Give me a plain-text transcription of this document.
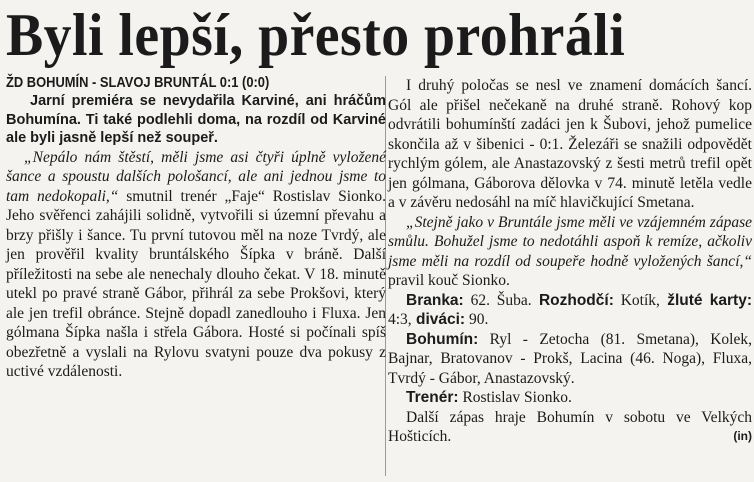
Byli lepší, přesto prohráli
ŽD BOHUMÍN - SLAVOJ BRUNTÁL 0:1 (0:0)

Jarní premiéra se nevydařila Karviné, ani hráčům Bohumína. Ti také podlehli doma, na rozdíl od Karviné ale byli jasně lepší než soupeř.

„Nepálo nám štěstí, měli jsme asi čtyři úplně vyložené šance a spoustu dalších pološancí, ale ani jednou jsme to tam nedokopali,“ smutnil trenér „Faje“ Rostislav Sionko. Jeho svěřenci zahájili solidně, vytvořili si územní převahu a brzy přišly i šance. Tu první tutovou měl na noze Tvrdý, ale jen prověřil kvality bruntálského Šípka v bráně. Další příležitosti na sebe ale nenechaly dlouho čekat. V 18. minutě utekl po pravé straně Gábor, přihrál za sebe Prokšovi, který ale jen trefil obránce. Stejně dopadl zanedlouho i Fluxa. Jen gólmana Šípka našla i střela Gábora. Hosté si počínali spíš obezřetně a vyslali na Rylovu svatyni pouze dva pokusy z uctivé vzdálenosti.

I druhý poločas se nesl ve znamení domácích šancí. Gól ale přišel nečekaně na druhé straně. Rohový kop odvrátili bohumínští zadáci jen k Šubovi, jehož pumelice skončila až v šibenici - 0:1. Železáři se snažili odpovědět rychlým gólem, ale Anastazovský z šesti metrů trefil opět jen gólmana, Gáborova dělovka v 74. minutě letěla vedle a v závěru nedosáhl na míč hlavičkující Smetana.

„Stejně jako v Bruntále jsme měli ve vzájemném zápase smůlu. Bohužel jsme to nedotáhli aspoň k remíze, ačkoliv jsme měli na rozdíl od soupeře hodně vyložených šancí,“ pravil kouč Sionko.

Branka: 62. Šuba. Rozhodčí: Kotík, žluté karty: 4:3, diváci: 90.

Bohumín: Ryl - Zetocha (81. Smetana), Kolek, Bajnar, Bratovanov - Prokš, Lacina (46. Noga), Fluxa, Tvrdý - Gábor, Anastazovský.

Trenér: Rostislav Sionko.

Další zápas hraje Bohumín v sobotu ve Velkých Hošticích.	(in)
